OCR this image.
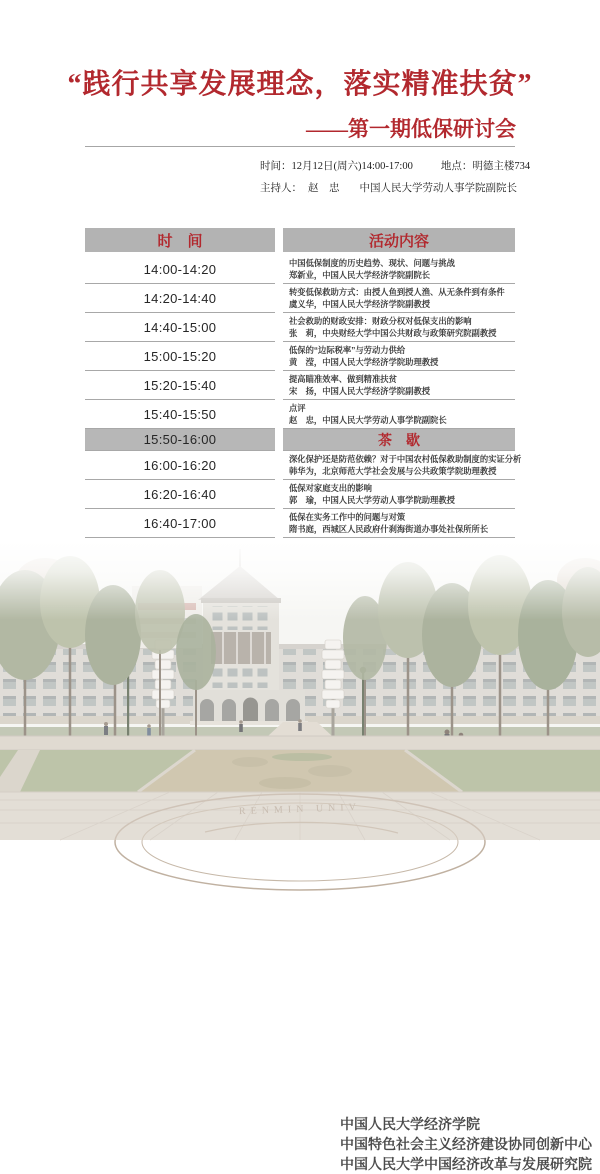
“践行共享发展理念，落实精准扶贫”
——第一期低保研讨会
时间：12月12日(周六)14:00-17:00	地点：明德主楼734
主持人： 赵　忠 中国人民大学劳动人事学院副院长
时　间	活动内容
14:00-14:20	中国低保制度的历史趋势、现状、问题与挑战
郑新业，中国人民大学经济学院副院长
14:20-14:40	转变低保救助方式：由授人鱼到授人渔、从无条件到有条件
虞义华，中国人民大学经济学院副教授
14:40-15:00	社会救助的财政安排：财政分权对低保支出的影响
张　莉，中央财经大学中国公共财政与政策研究院副教授
15:00-15:20	低保的“边际税率”与劳动力供给
黄　滢，中国人民大学经济学院助理教授
15:20-15:40	提高瞄准效率、做到精准扶贫
宋　扬，中国人民大学经济学院副教授
15:40-15:50	点评
赵　忠，中国人民大学劳动人事学院副院长
15:50-16:00	茶　歇
16:00-16:20	深化保护还是防范依赖？对于中国农村低保救助制度的实证分析
韩华为，北京师范大学社会发展与公共政策学院助理教授
16:20-16:40	低保对家庭支出的影响
郭　瑜，中国人民大学劳动人事学院助理教授
16:40-17:00	低保在实务工作中的问题与对策
隋书庭，西城区人民政府什刹海街道办事处社保所所长
RENMIN UNIV
中国人民大学经济学院
中国特色社会主义经济建设协同创新中心
中国人民大学中国经济改革与发展研究院
